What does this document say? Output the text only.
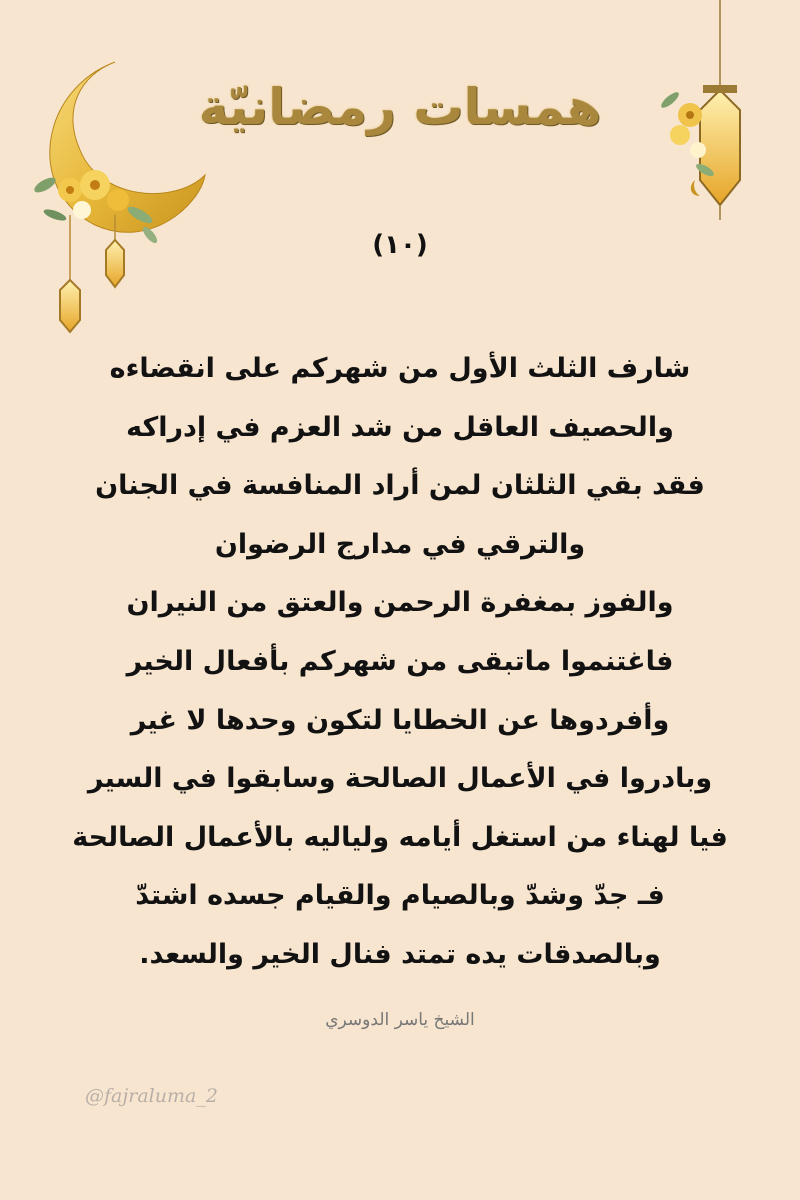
همسات رمضانيّة
(١٠)
شارف الثلث الأول من شهركم على انقضاءه
والحصيف العاقل من شد العزم في إدراكه
فقد بقي الثلثان لمن أراد المنافسة في الجنان
والترقي في مدارج الرضوان
والفوز بمغفرة الرحمن والعتق من النيران
فاغتنموا ماتبقى من شهركم بأفعال الخير
وأفردوها عن الخطايا لتكون وحدها لا غير
وبادروا في الأعمال الصالحة وسابقوا في السير
فيا لهناء من استغل أيامه ولياليه بالأعمال الصالحة
فـ جدّ وشدّ وبالصيام والقيام جسده اشتدّ
وبالصدقات يده تمتد فنال الخير والسعد.
الشيخ ياسر الدوسري
@fajraluma_2
